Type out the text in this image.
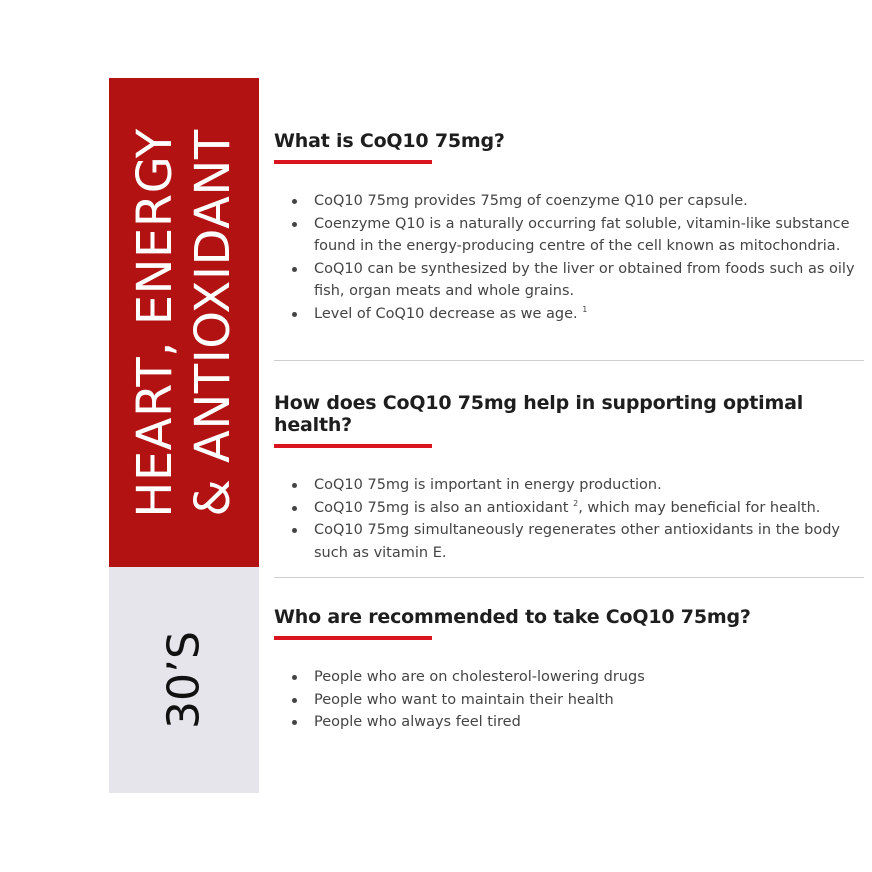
HEART, ENERGY & ANTIOXIDANT
30’S
What is CoQ10 75mg?
CoQ10 75mg provides 75mg of coenzyme Q10 per capsule.
Coenzyme Q10 is a naturally occurring fat soluble, vitamin-like substance found in the energy-producing centre of the cell known as mitochondria.
CoQ10 can be synthesized by the liver or obtained from foods such as oily fish, organ meats and whole grains.
Level of CoQ10 decrease as we age. $^1$
How does CoQ10 75mg help in supporting optimal health?
CoQ10 75mg is important in energy production.
CoQ10 75mg is also an antioxidant $^2$, which may beneficial for health.
CoQ10 75mg simultaneously regenerates other antioxidants in the body such as vitamin E.
Who are recommended to take CoQ10 75mg?
People who are on cholesterol-lowering drugs
People who want to maintain their health
People who always feel tired
